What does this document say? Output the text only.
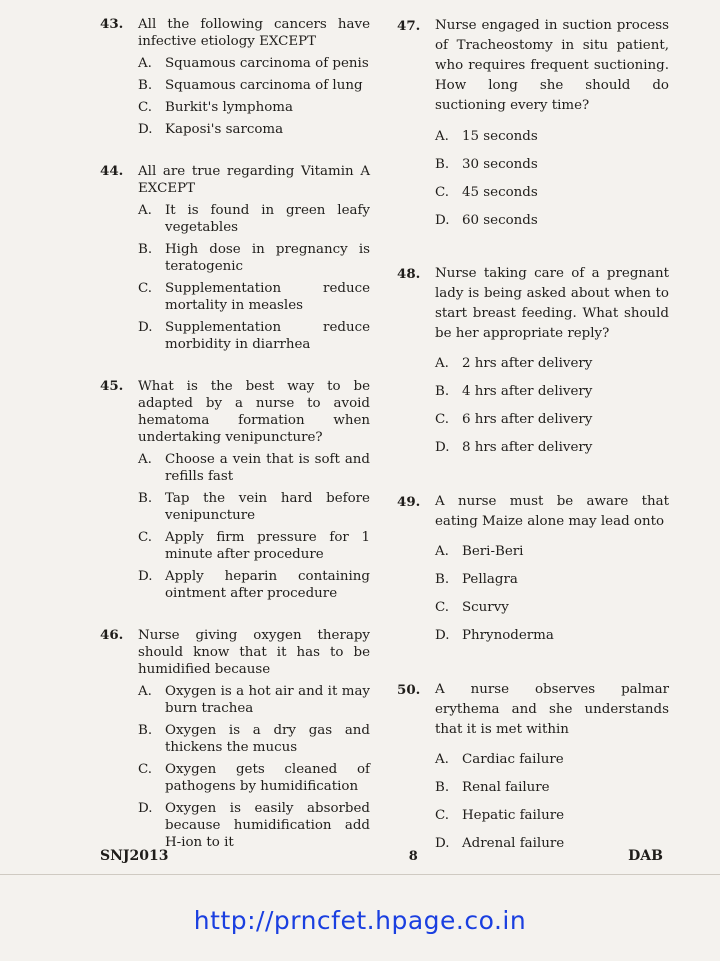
43.	All the following cancers have infective etiology EXCEPT
A. Squamous carcinoma of penis
B. Squamous carcinoma of lung
C. Burkit's lymphoma
D. Kaposi's sarcoma
44.	All are true regarding Vitamin A EXCEPT
A. It is found in green leafy vegetables
B. High dose in pregnancy is teratogenic
C. Supplementation reduce mortality in measles
D. Supplementation reduce morbidity in diarrhea
45.	What is the best way to be adapted by a nurse to avoid hematoma formation when undertaking venipuncture?
A. Choose a vein that is soft and refills fast
B. Tap the vein hard before venipuncture
C. Apply firm pressure for 1 minute after procedure
D. Apply heparin containing ointment after procedure
46.	Nurse giving oxygen therapy should know that it has to be humidified because
A. Oxygen is a hot air and it may burn trachea
B. Oxygen is a dry gas and thickens the mucus
C. Oxygen gets cleaned of pathogens by humidification
D. Oxygen is easily absorbed because humidification add H-ion to it
47.	Nurse engaged in suction process of Tracheostomy in situ patient, who requires frequent suctioning. How long she should do suctioning every time?
A. 15 seconds
B. 30 seconds
C. 45 seconds
D. 60 seconds
48.	Nurse taking care of a pregnant lady is being asked about when to start breast feeding. What should be her appropriate reply?
A. 2 hrs after delivery
B. 4 hrs after delivery
C. 6 hrs after delivery
D. 8 hrs after delivery
49.	A nurse must be aware that eating Maize alone may lead onto
A. Beri-Beri
B. Pellagra
C. Scurvy
D. Phrynoderma
50.	A nurse observes palmar erythema and she understands that it is met within
A. Cardiac failure
B. Renal failure
C. Hepatic failure
D. Adrenal failure
SNJ2013	8	DAB
http://prncfet.hpage.co.in
